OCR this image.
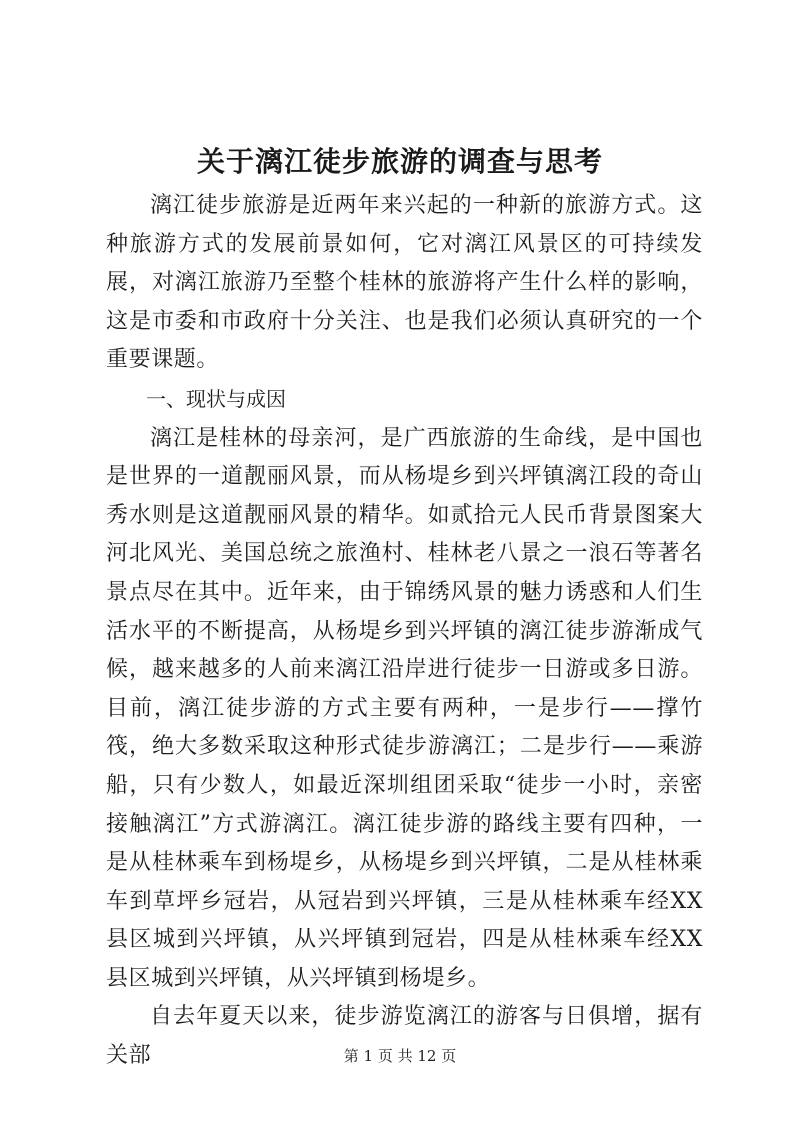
关于漓江徒步旅游的调查与思考

漓江徒步旅游是近两年来兴起的一种新的旅游方式。这种旅游方式的发展前景如何，它对漓江风景区的可持续发展，对漓江旅游乃至整个桂林的旅游将产生什么样的影响，这是市委和市政府十分关注、也是我们必须认真研究的一个重要课题。

一、现状与成因

漓江是桂林的母亲河，是广西旅游的生命线，是中国也是世界的一道靓丽风景，而从杨堤乡到兴坪镇漓江段的奇山秀水则是这道靓丽风景的精华。如贰拾元人民币背景图案大河北风光、美国总统之旅渔村、桂林老八景之一浪石等著名景点尽在其中。近年来，由于锦绣风景的魅力诱惑和人们生活水平的不断提高，从杨堤乡到兴坪镇的漓江徒步游渐成气候，越来越多的人前来漓江沿岸进行徒步一日游或多日游。目前，漓江徒步游的方式主要有两种，一是步行——撑竹筏，绝大多数采取这种形式徒步游漓江；二是步行——乘游船，只有少数人，如最近深圳组团采取“徒步一小时，亲密接触漓江”方式游漓江。漓江徒步游的路线主要有四种，一是从桂林乘车到杨堤乡，从杨堤乡到兴坪镇，二是从桂林乘车到草坪乡冠岩，从冠岩到兴坪镇，三是从桂林乘车经XX县区城到兴坪镇，从兴坪镇到冠岩，四是从桂林乘车经XX县区城到兴坪镇，从兴坪镇到杨堤乡。

自去年夏天以来，徒步游览漓江的游客与日俱增，据有关部	第 1 页 共 12 页
